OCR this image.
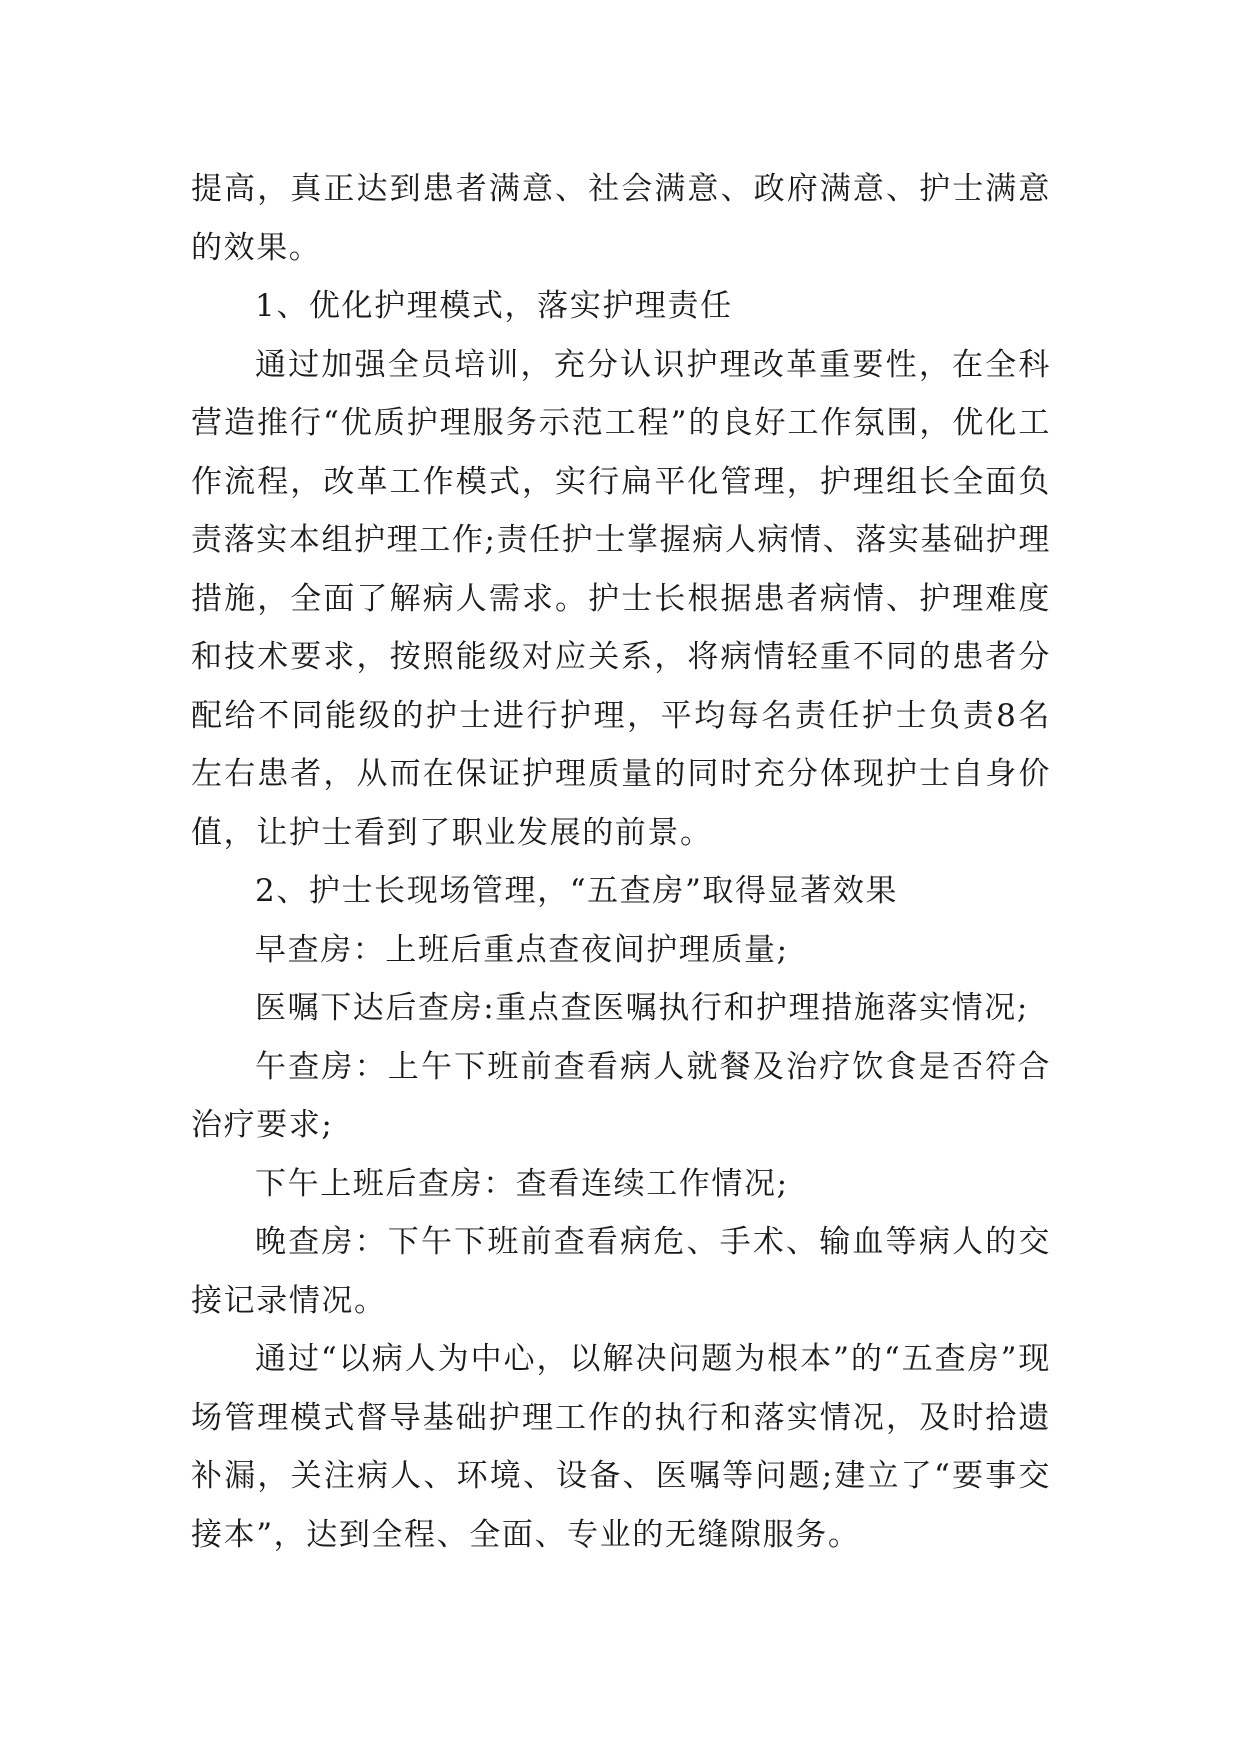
提高，真正达到患者满意、社会满意、政府满意、护士满意的效果。

1、优化护理模式，落实护理责任

通过加强全员培训，充分认识护理改革重要性，在全科营造推行“优质护理服务示范工程”的良好工作氛围，优化工作流程，改革工作模式，实行扁平化管理，护理组长全面负责落实本组护理工作;责任护士掌握病人病情、落实基础护理措施，全面了解病人需求。护士长根据患者病情、护理难度和技术要求，按照能级对应关系，将病情轻重不同的患者分配给不同能级的护士进行护理，平均每名责任护士负责8名左右患者，从而在保证护理质量的同时充分体现护士自身价值，让护士看到了职业发展的前景。

2、护士长现场管理，“五查房”取得显著效果

早查房：上班后重点查夜间护理质量;

医嘱下达后查房:重点查医嘱执行和护理措施落实情况;

午查房：上午下班前查看病人就餐及治疗饮食是否符合治疗要求;

下午上班后查房：查看连续工作情况;

晚查房：下午下班前查看病危、手术、输血等病人的交接记录情况。

通过“以病人为中心，以解决问题为根本”的“五查房”现场管理模式督导基础护理工作的执行和落实情况，及时拾遗补漏，关注病人、环境、设备、医嘱等问题;建立了“要事交接本”，达到全程、全面、专业的无缝隙服务。
